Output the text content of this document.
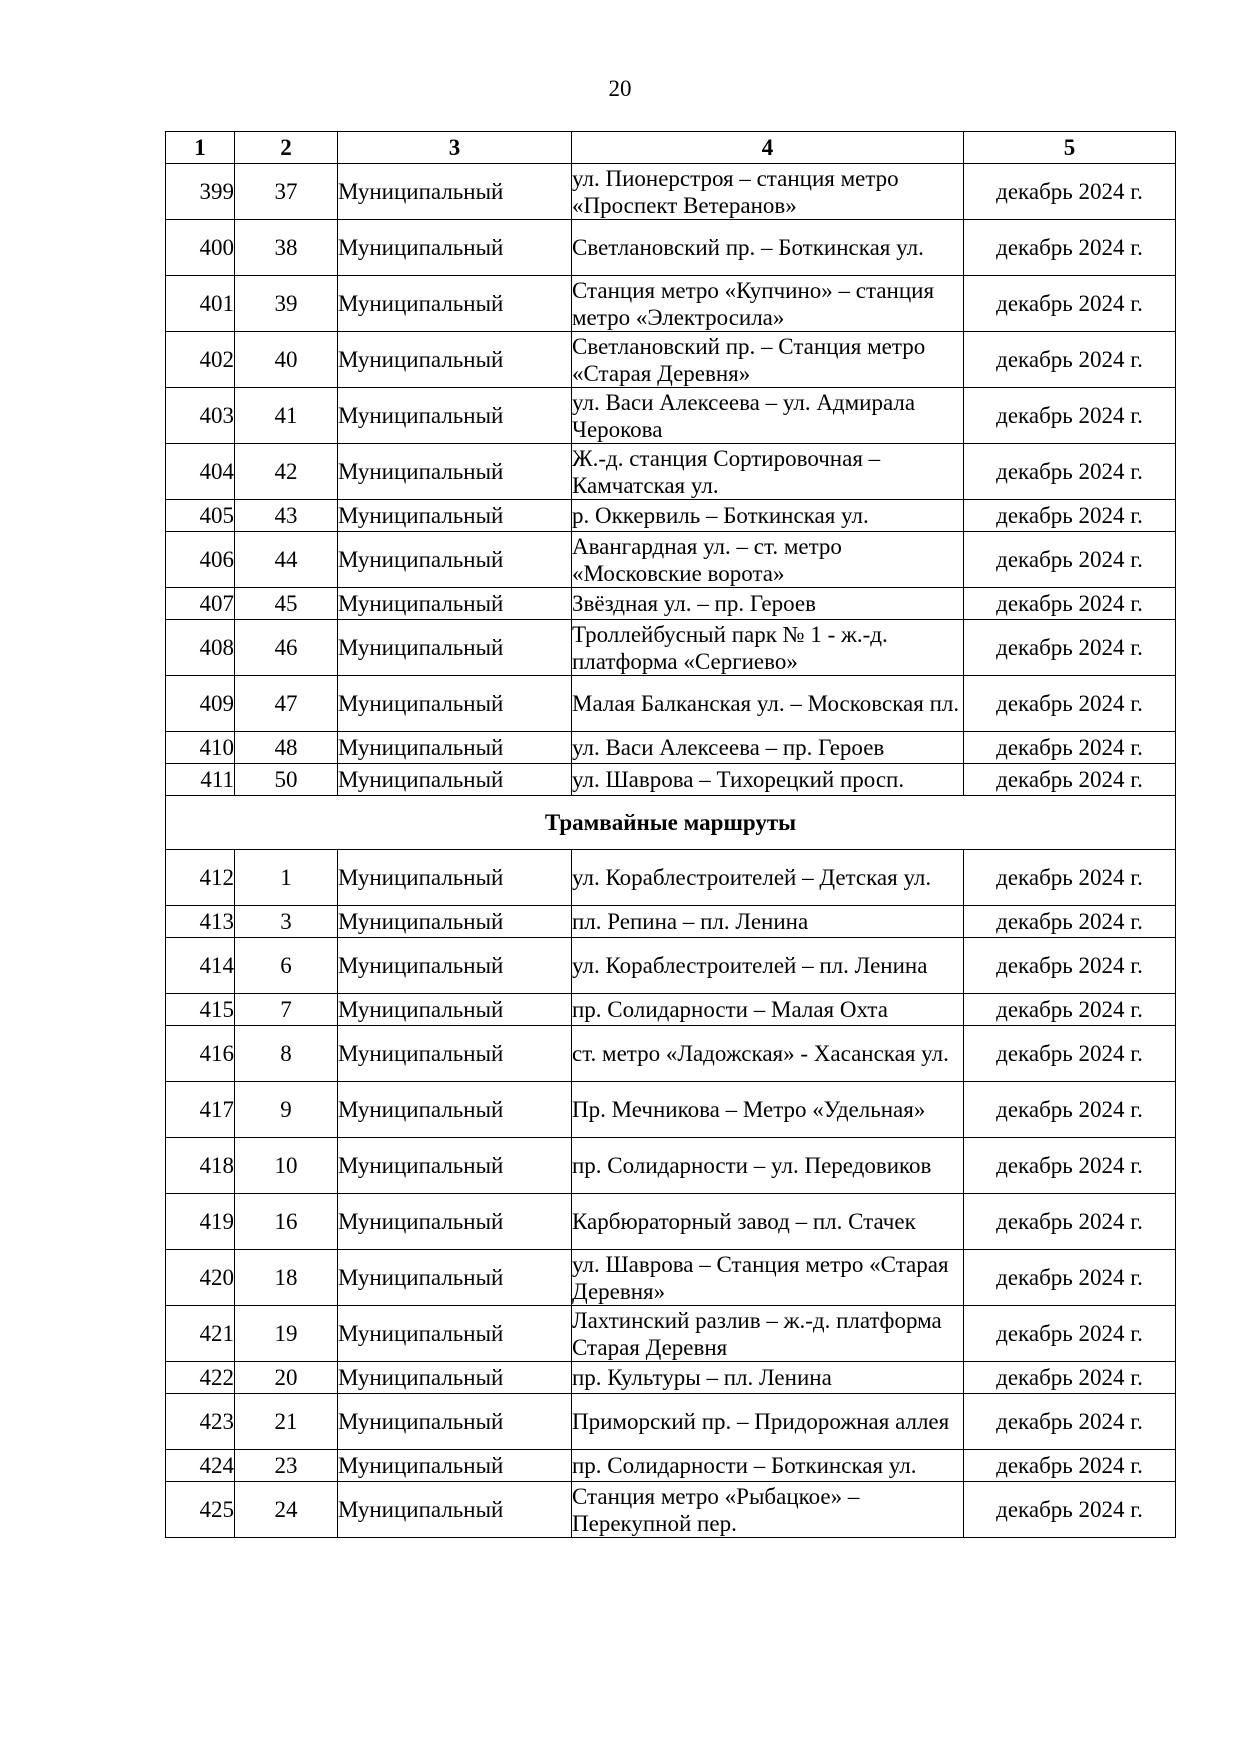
20
1	2	3	4	5
399	37	Муниципальный	ул. Пионерстроя – станция метро «Проспект Ветеранов»	декабрь 2024 г.
400	38	Муниципальный	Светлановский пр. – Боткинская ул.	декабрь 2024 г.
401	39	Муниципальный	Станция метро «Купчино» – станция метро «Электросила»	декабрь 2024 г.
402	40	Муниципальный	Светлановский пр. – Станция метро «Старая Деревня»	декабрь 2024 г.
403	41	Муниципальный	ул. Васи Алексеева – ул. Адмирала Черокова	декабрь 2024 г.
404	42	Муниципальный	Ж.-д. станция Сортировочная – Камчатская ул.	декабрь 2024 г.
405	43	Муниципальный	р. Оккервиль – Боткинская ул.	декабрь 2024 г.
406	44	Муниципальный	Авангардная ул. – ст. метро «Московские ворота»	декабрь 2024 г.
407	45	Муниципальный	Звёздная ул. – пр. Героев	декабрь 2024 г.
408	46	Муниципальный	Троллейбусный парк № 1 - ж.-д. платформа «Сергиево»	декабрь 2024 г.
409	47	Муниципальный	Малая Балканская ул. – Московская пл.	декабрь 2024 г.
410	48	Муниципальный	ул. Васи Алексеева – пр. Героев	декабрь 2024 г.
411	50	Муниципальный	ул. Шаврова – Тихорецкий просп.	декабрь 2024 г.
Трамвайные маршруты				
412	1	Муниципальный	ул. Кораблестроителей – Детская ул.	декабрь 2024 г.
413	3	Муниципальный	пл. Репина – пл. Ленина	декабрь 2024 г.
414	6	Муниципальный	ул. Кораблестроителей – пл. Ленина	декабрь 2024 г.
415	7	Муниципальный	пр. Солидарности – Малая Охта	декабрь 2024 г.
416	8	Муниципальный	ст. метро «Ладожская» - Хасанская ул.	декабрь 2024 г.
417	9	Муниципальный	Пр. Мечникова – Метро «Удельная»	декабрь 2024 г.
418	10	Муниципальный	пр. Солидарности – ул. Передовиков	декабрь 2024 г.
419	16	Муниципальный	Карбюраторный завод – пл. Стачек	декабрь 2024 г.
420	18	Муниципальный	ул. Шаврова – Станция метро «Старая Деревня»	декабрь 2024 г.
421	19	Муниципальный	Лахтинский разлив – ж.-д. платформа Старая Деревня	декабрь 2024 г.
422	20	Муниципальный	пр. Культуры – пл. Ленина	декабрь 2024 г.
423	21	Муниципальный	Приморский пр. – Придорожная аллея	декабрь 2024 г.
424	23	Муниципальный	пр. Солидарности – Боткинская ул.	декабрь 2024 г.
425	24	Муниципальный	Станция метро «Рыбацкое» – Перекупной пер.	декабрь 2024 г.
